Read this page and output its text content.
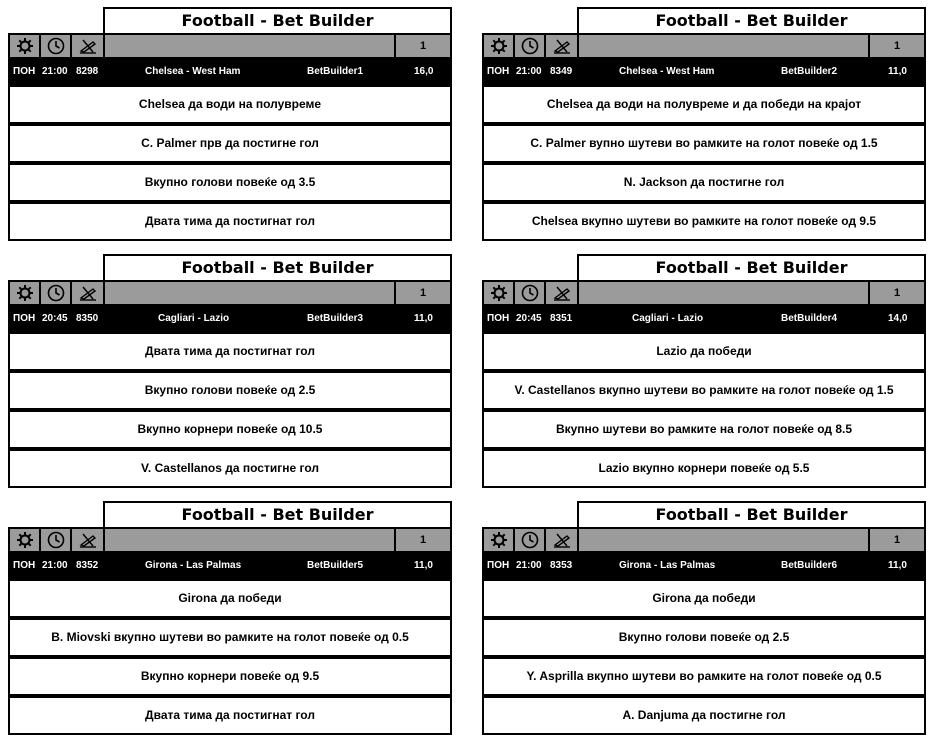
Football - Bet Builder
1
ПОН 21:00 8298	Chelsea - West Ham	BetBuilder1	16,0
Chelsea да води на полувреме
C. Palmer прв да постигне гол
Вкупно голови повеќе од 3.5
Двата тима да постигнат гол
Football - Bet Builder
1
ПОН 21:00 8349	Chelsea - West Ham	BetBuilder2	11,0
Chelsea да води на полувреме и да победи на крајот
C. Palmer вупно шутеви во рамките на голот повеќе од 1.5
N. Jackson да постигне гол
Chelsea вкупно шутеви во рамките на голот повеќе од 9.5
Football - Bet Builder
1
ПОН 20:45 8350	Cagliari - Lazio	BetBuilder3	11,0
Двата тима да постигнат гол
Вкупно голови повеќе од 2.5
Вкупно корнери повеќе од 10.5
V. Castellanos да постигне гол
Football - Bet Builder
1
ПОН 20:45 8351	Cagliari - Lazio	BetBuilder4	14,0
Lazio да победи
V. Castellanos вкупно шутеви во рамките на голот повеќе од 1.5
Вкупно шутеви во рамките на голот повеќе од 8.5
Lazio вкупно корнери повеќе од 5.5
Football - Bet Builder
1
ПОН 21:00 8352	Girona - Las Palmas	BetBuilder5	11,0
Girona да победи
B. Miovski вкупно шутеви во рамките на голот повеќе од 0.5
Вкупно корнери повеќе од 9.5
Двата тима да постигнат гол
Football - Bet Builder
1
ПОН 21:00 8353	Girona - Las Palmas	BetBuilder6	11,0
Girona да победи
Вкупно голови повеќе од 2.5
Y. Asprilla вкупно шутеви во рамките на голот повеќе од 0.5
A. Danjuma да постигне гол
